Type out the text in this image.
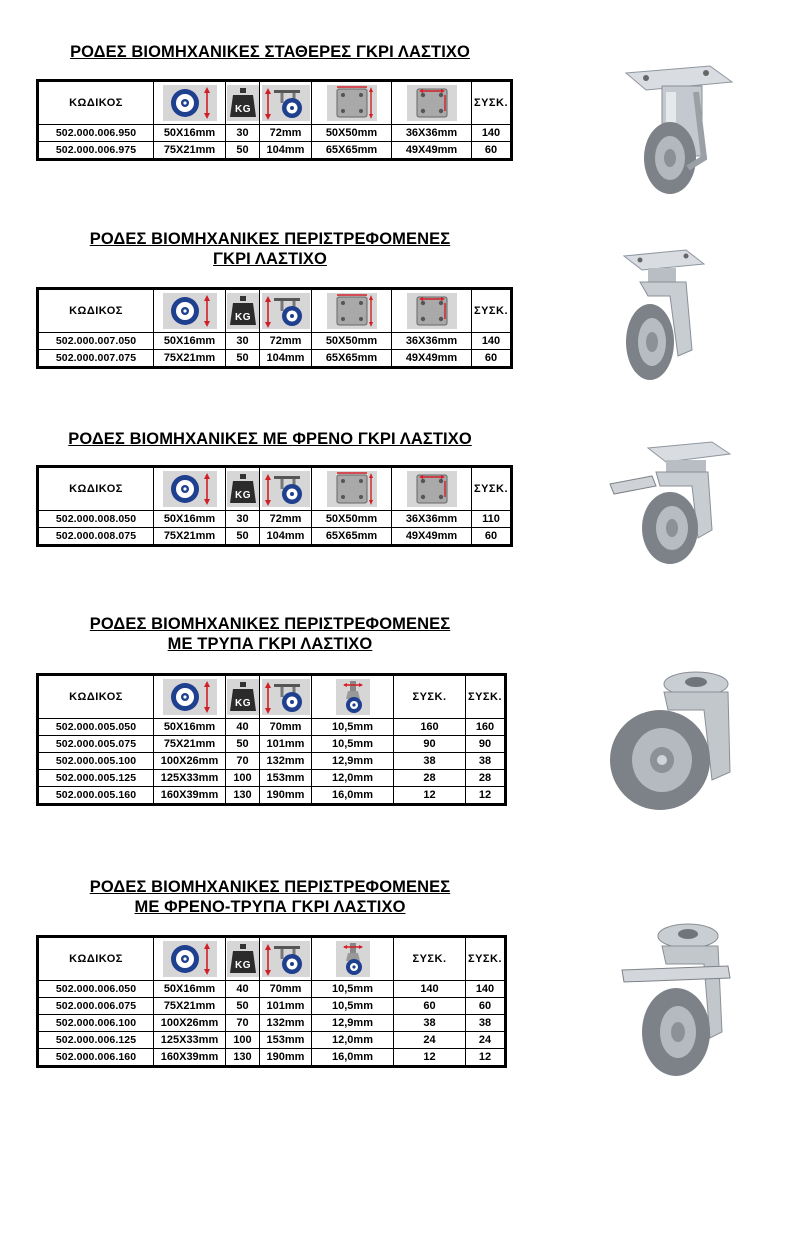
ΡΟΔΕΣ ΒΙΟΜΗΧΑΝΙΚΕΣ ΣΤΑΘΕΡΕΣ ΓΚΡΙ ΛΑΣΤΙΧΟ
ΚΩΔΙΚΟΣ		KG				ΣΥΣΚ.
502.000.006.950	50X16mm	30	72mm	50X50mm	36X36mm	140
502.000.006.975	75X21mm	50	104mm	65X65mm	49X49mm	60
ΡΟΔΕΣ ΒΙΟΜΗΧΑΝΙΚΕΣ ΠΕΡΙΣΤΡΕΦΟΜΕΝΕΣ
ΓΚΡΙ ΛΑΣΤΙΧΟ
ΚΩΔΙΚΟΣ		KG				ΣΥΣΚ.
502.000.007.050	50X16mm	30	72mm	50X50mm	36X36mm	140
502.000.007.075	75X21mm	50	104mm	65X65mm	49X49mm	60
ΡΟΔΕΣ ΒΙΟΜΗΧΑΝΙΚΕΣ ΜΕ ΦΡΕΝΟ ΓΚΡΙ ΛΑΣΤΙΧΟ
ΚΩΔΙΚΟΣ		KG				ΣΥΣΚ.
502.000.008.050	50X16mm	30	72mm	50X50mm	36X36mm	110
502.000.008.075	75X21mm	50	104mm	65X65mm	49X49mm	60
ΡΟΔΕΣ ΒΙΟΜΗΧΑΝΙΚΕΣ ΠΕΡΙΣΤΡΕΦΟΜΕΝΕΣ
ΜΕ ΤΡΥΠΑ ΓΚΡΙ ΛΑΣΤΙΧΟ
ΚΩΔΙΚΟΣ		KG			ΣΥΣΚ.	ΣΥΣΚ.
502.000.005.050	50X16mm	40	70mm	10,5mm	160	160
502.000.005.075	75X21mm	50	101mm	10,5mm	90	90
502.000.005.100	100X26mm	70	132mm	12,9mm	38	38
502.000.005.125	125X33mm	100	153mm	12,0mm	28	28
502.000.005.160	160X39mm	130	190mm	16,0mm	12	12
ΡΟΔΕΣ ΒΙΟΜΗΧΑΝΙΚΕΣ ΠΕΡΙΣΤΡΕΦΟΜΕΝΕΣ
ΜΕ ΦΡΕΝΟ-ΤΡΥΠΑ ΓΚΡΙ ΛΑΣΤΙΧΟ
ΚΩΔΙΚΟΣ		KG			ΣΥΣΚ.	ΣΥΣΚ.
502.000.006.050	50X16mm	40	70mm	10,5mm	140	140
502.000.006.075	75X21mm	50	101mm	10,5mm	60	60
502.000.006.100	100X26mm	70	132mm	12,9mm	38	38
502.000.006.125	125X33mm	100	153mm	12,0mm	24	24
502.000.006.160	160X39mm	130	190mm	16,0mm	12	12
